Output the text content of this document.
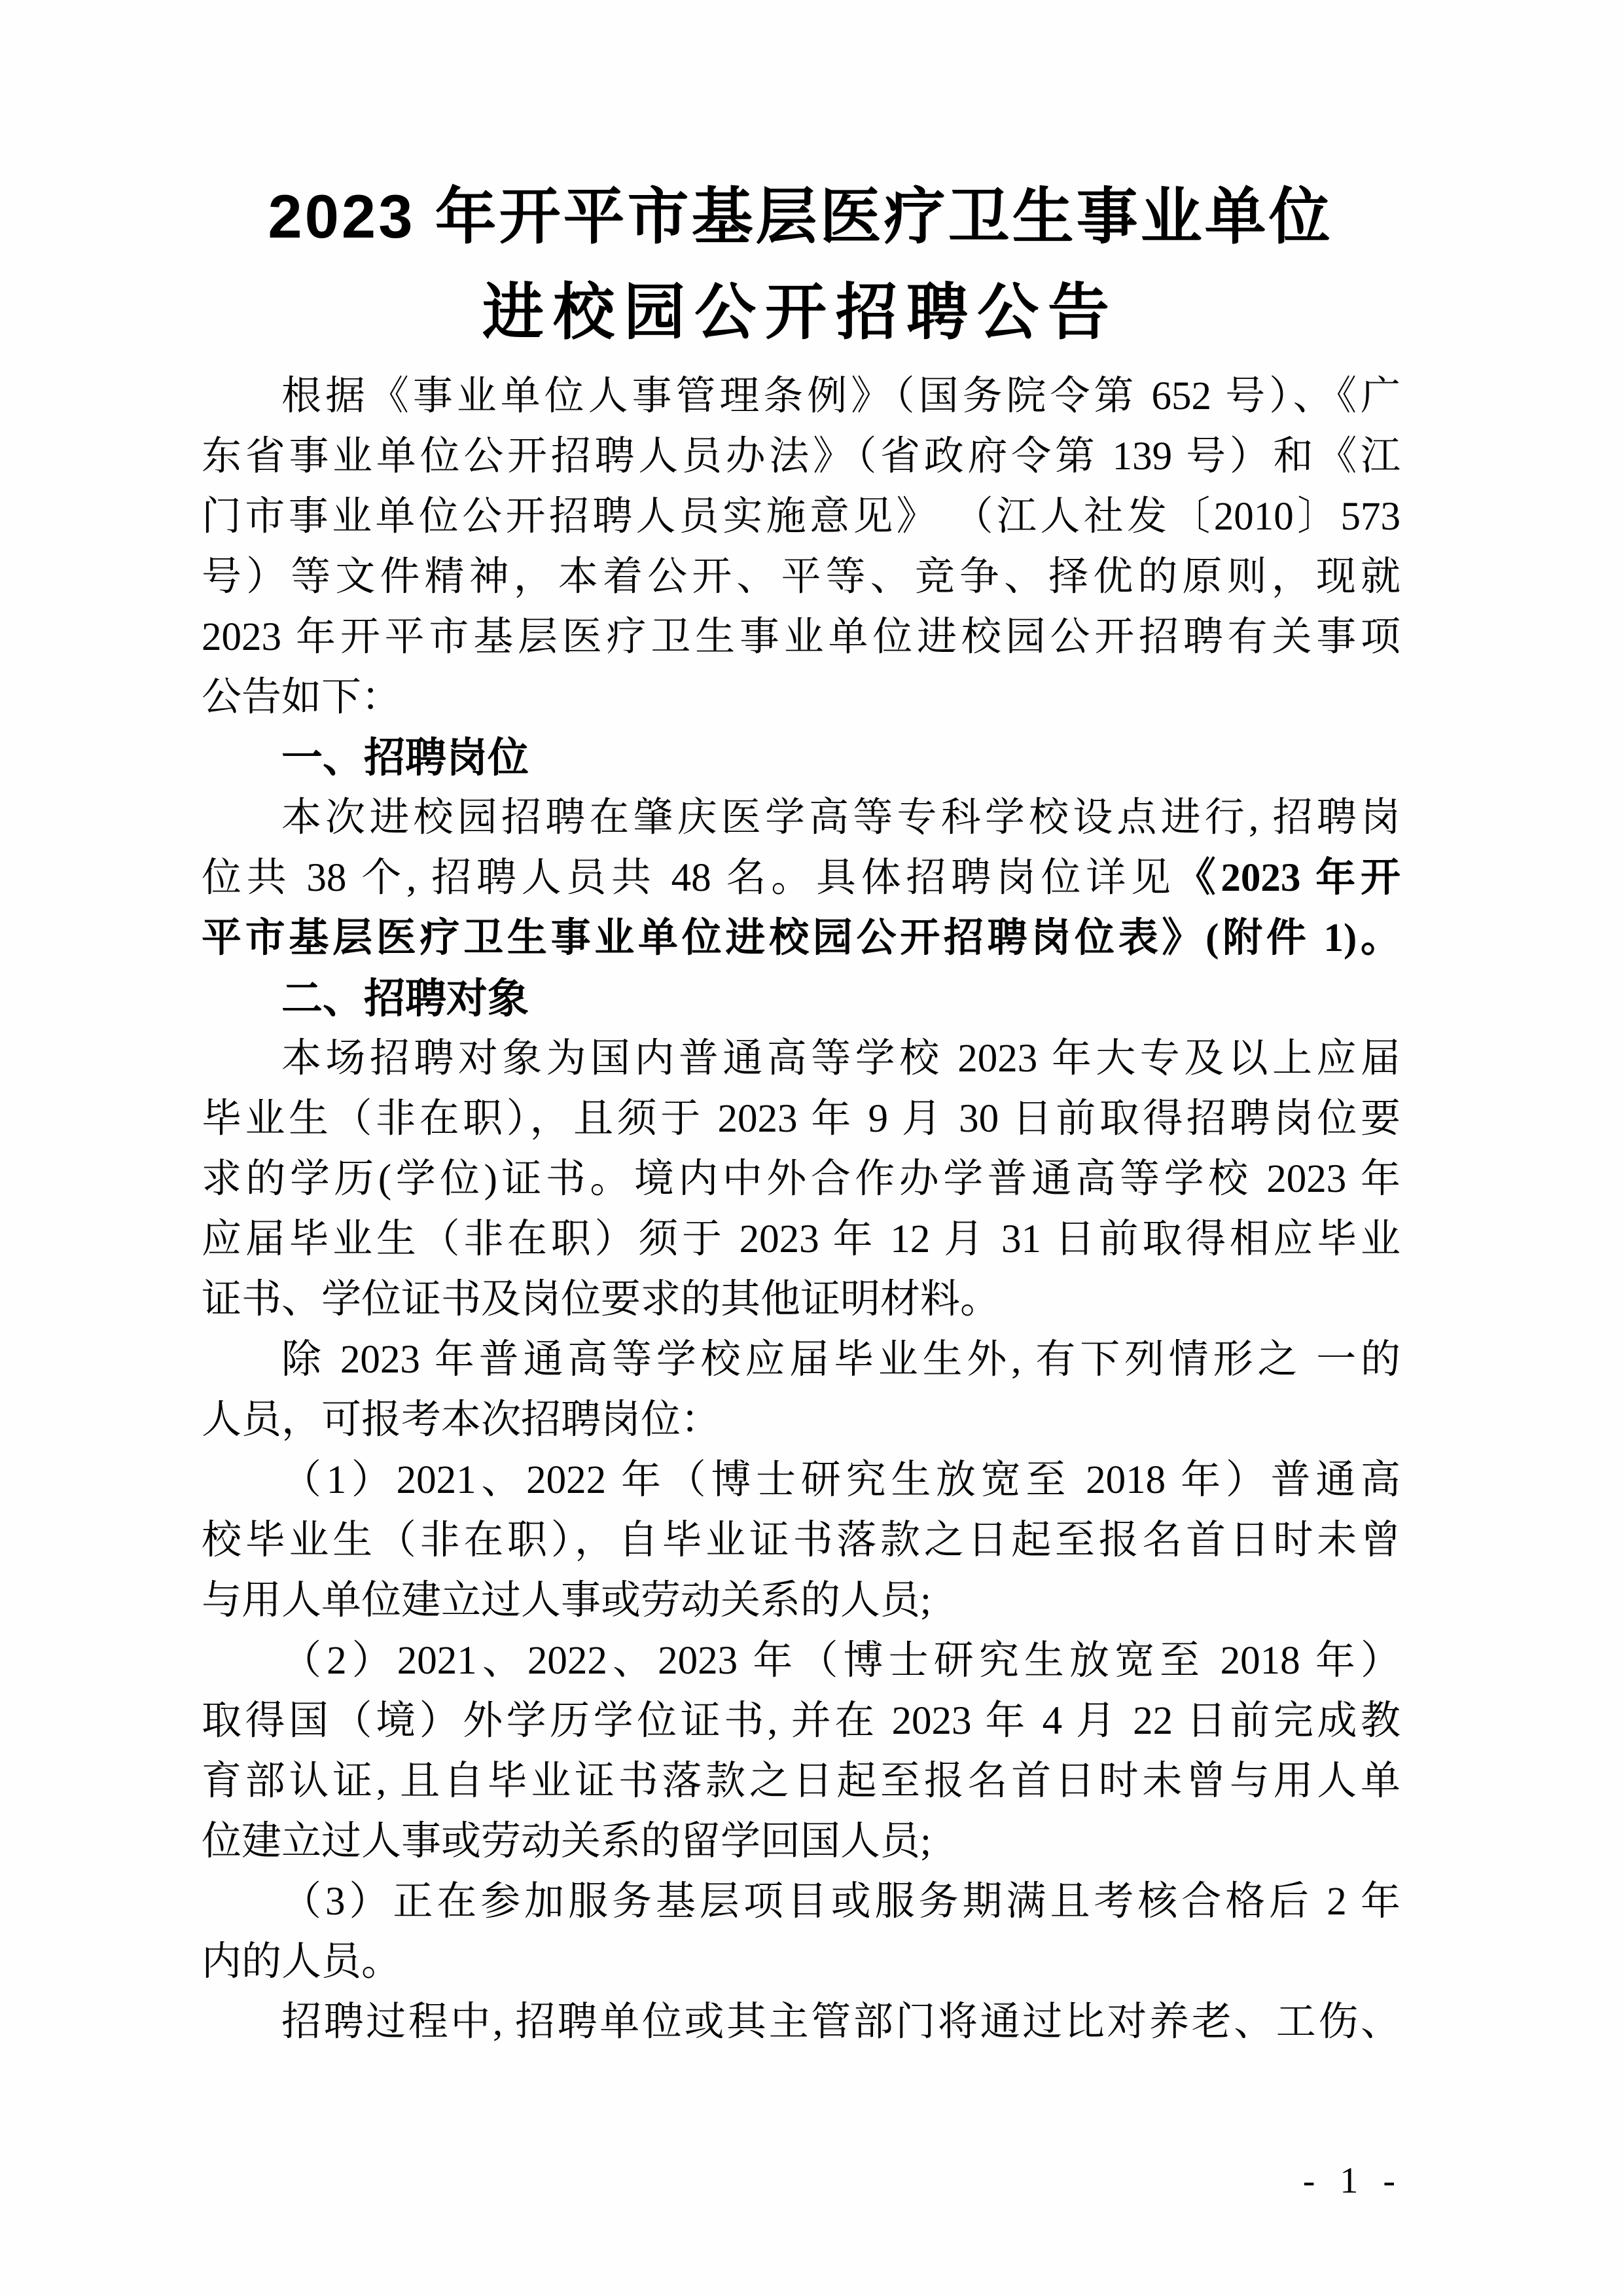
2023 年开平市基层医疗卫生事业单位
进校园公开招聘公告
根据《事业单位人事管理条例》（国务院令第 652 号）、《广
东省事业单位公开招聘人员办法》（省政府令第 139 号）和《江
门市事业单位公开招聘人员实施意见》 （江人社发〔2010〕573
号）等文件精神，本着公开、平等、竞争、择优的原则，现就
2023 年开平市基层医疗卫生事业单位进校园公开招聘有关事项
公告如下：
一、招聘岗位
本次进校园招聘在肇庆医学高等专科学校设点进行, 招聘岗
位共 38 个, 招聘人员共 48 名。具体招聘岗位详见《2023 年开
平市基层医疗卫生事业单位进校园公开招聘岗位表》(附件 1)。
二、招聘对象
本场招聘对象为国内普通高等学校 2023 年大专及以上应届
毕业生（非在职），且须于 2023 年 9 月 30 日前取得招聘岗位要
求的学历(学位)证书。境内中外合作办学普通高等学校 2023 年
应届毕业生（非在职）须于 2023 年 12 月 31 日前取得相应毕业
证书、学位证书及岗位要求的其他证明材料。
除 2023 年普通高等学校应届毕业生外, 有下列情形之 一的
人员，可报考本次招聘岗位：
（1）2021、2022 年（博士研究生放宽至 2018 年）普通高
校毕业生（非在职），自毕业证书落款之日起至报名首日时未曾
与用人单位建立过人事或劳动关系的人员;
（2）2021、2022、2023 年（博士研究生放宽至 2018 年）
取得国（境）外学历学位证书, 并在 2023 年 4 月 22 日前完成教
育部认证, 且自毕业证书落款之日起至报名首日时未曾与用人单
位建立过人事或劳动关系的留学回国人员;
（3）正在参加服务基层项目或服务期满且考核合格后 2 年
内的人员。
招聘过程中, 招聘单位或其主管部门将通过比对养老、工伤、
- 1 -
